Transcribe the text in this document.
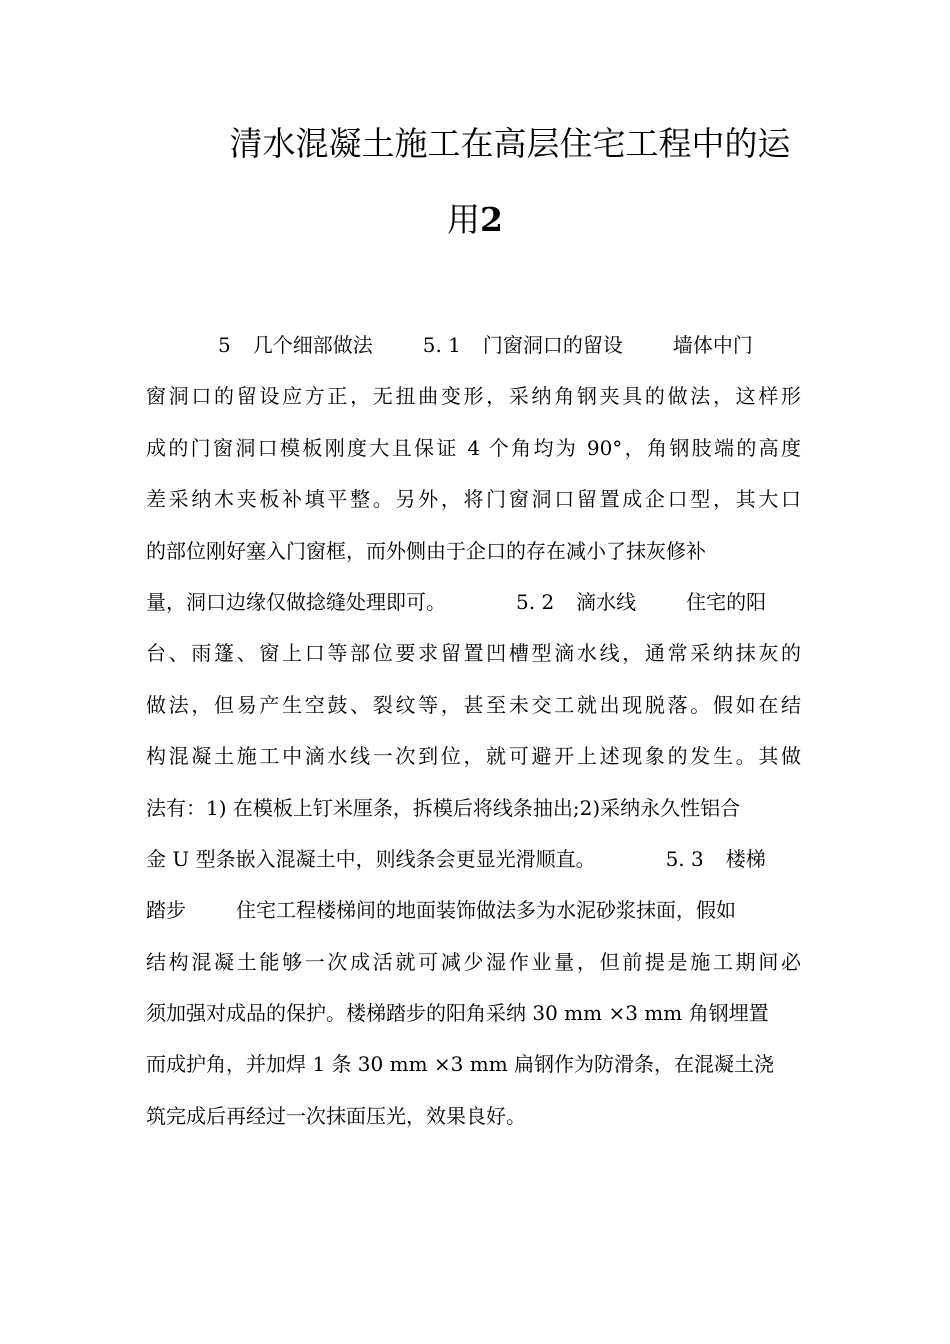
清水混凝土施工在高层住宅工程中的运
用2
5 几个细部做法	5. 1 门窗洞口的留设	墙体中门
窗洞口的留设应方正，无扭曲变形，采纳角钢夹具的做法，这样形
成的门窗洞口模板刚度大且保证 4 个角均为 90°，角钢肢端的高度
差采纳木夹板补填平整。另外，将门窗洞口留置成企口型，其大口
的部位刚好塞入门窗框，而外侧由于企口的存在减小了抹灰修补
量，洞口边缘仅做捻缝处理即可。	5. 2 滴水线	住宅的阳
台、雨篷、窗上口等部位要求留置凹槽型滴水线，通常采纳抹灰的
做法，但易产生空鼓、裂纹等，甚至未交工就出现脱落。假如在结
构混凝土施工中滴水线一次到位，就可避开上述现象的发生。其做
法有：1) 在模板上钉米厘条，拆模后将线条抽出;2)采纳永久性铝合
金 U 型条嵌入混凝土中，则线条会更显光滑顺直。	5. 3 楼梯
踏步	住宅工程楼梯间的地面装饰做法多为水泥砂浆抹面，假如
结构混凝土能够一次成活就可减少湿作业量，但前提是施工期间必
须加强对成品的保护。楼梯踏步的阳角采纳 30 mm ×3 mm 角钢埋置
而成护角，并加焊 1 条 30 mm ×3 mm 扁钢作为防滑条，在混凝土浇
筑完成后再经过一次抹面压光，效果良好。
